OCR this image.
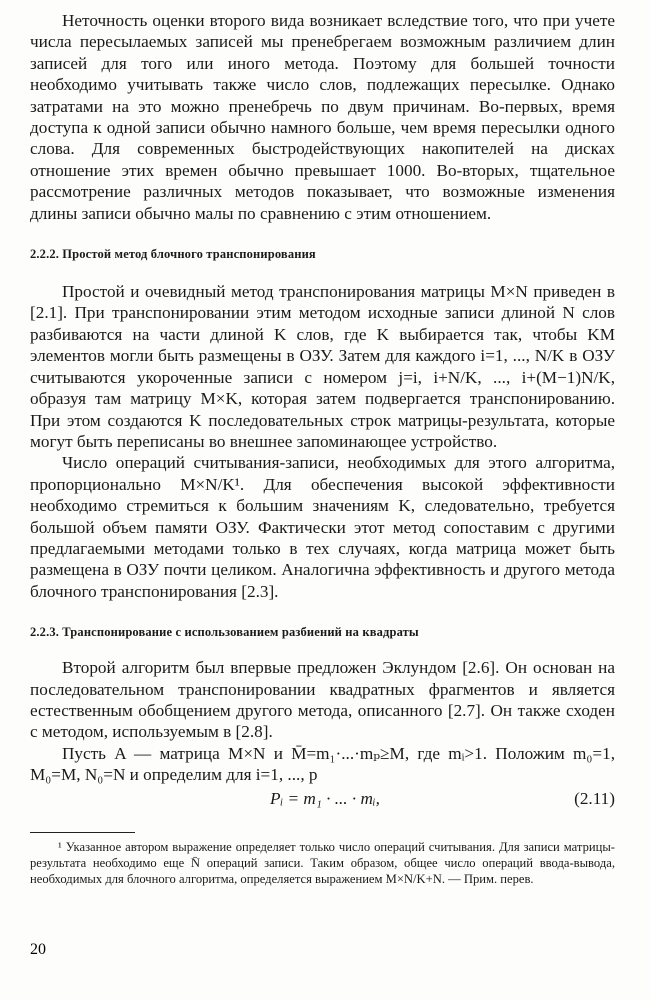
Неточность оценки второго вида возникает вследствие того, что при учете числа пересылаемых записей мы пренебрегаем возможным различием длин записей для того или иного метода. Поэтому для большей точности необходимо учитывать также число слов, подлежащих пересылке. Однако затратами на это можно пренебречь по двум причинам. Во-первых, время доступа к одной записи обычно намного больше, чем время пересылки одного слова. Для современных быстродействующих накопителей на дисках отношение этих времен обычно превышает 1000. Во-вторых, тщательное рассмотрение различных методов показывает, что возможные изменения длины записи обычно малы по сравнению с этим отношением.

2.2.2. Простой метод блочного транспонирования

Простой и очевидный метод транспонирования матрицы M×N приведен в [2.1]. При транспонировании этим методом исходные записи длиной N слов разбиваются на части длиной K слов, где K выбирается так, чтобы KM элементов могли быть размещены в ОЗУ. Затем для каждого i=1, ..., N/K в ОЗУ считываются укороченные записи с номером j=i, i+N/K, ..., i+(M−1)N/K, образуя там матрицу M×K, которая затем подвергается транспонированию. При этом создаются K последовательных строк матрицы-результата, которые могут быть переписаны во внешнее запоминающее устройство.

Число операций считывания-записи, необходимых для этого алгоритма, пропорционально M×N/K¹. Для обеспечения высокой эффективности необходимо стремиться к большим значениям K, следовательно, требуется большой объем памяти ОЗУ. Фактически этот метод сопоставим с другими предлагаемыми методами только в тех случаях, когда матрица может быть размещена в ОЗУ почти целиком. Аналогична эффективность и другого метода блочного транспонирования [2.3].

2.2.3. Транспонирование с использованием разбиений на квадраты

Второй алгоритм был впервые предложен Эклундом [2.6]. Он основан на последовательном транспонировании квадратных фрагментов и является естественным обобщением другого метода, описанного [2.7]. Он также сходен с методом, используемым в [2.8].

Пусть A — матрица M×N и M̄=m₁·...·mₚ≥M, где mᵢ>1. Положим m₀=1, M₀=M, N₀=N и определим для i=1, ..., p

Pᵢ = m₁ · ... · mᵢ,	(2.11)

¹ Указанное автором выражение определяет только число операций считывания. Для записи матрицы-результата необходимо еще N̄ операций записи. Таким образом, общее число операций ввода-вывода, необходимых для блочного алгоритма, определяется выражением M×N/K+N. — Прим. перев.

20
